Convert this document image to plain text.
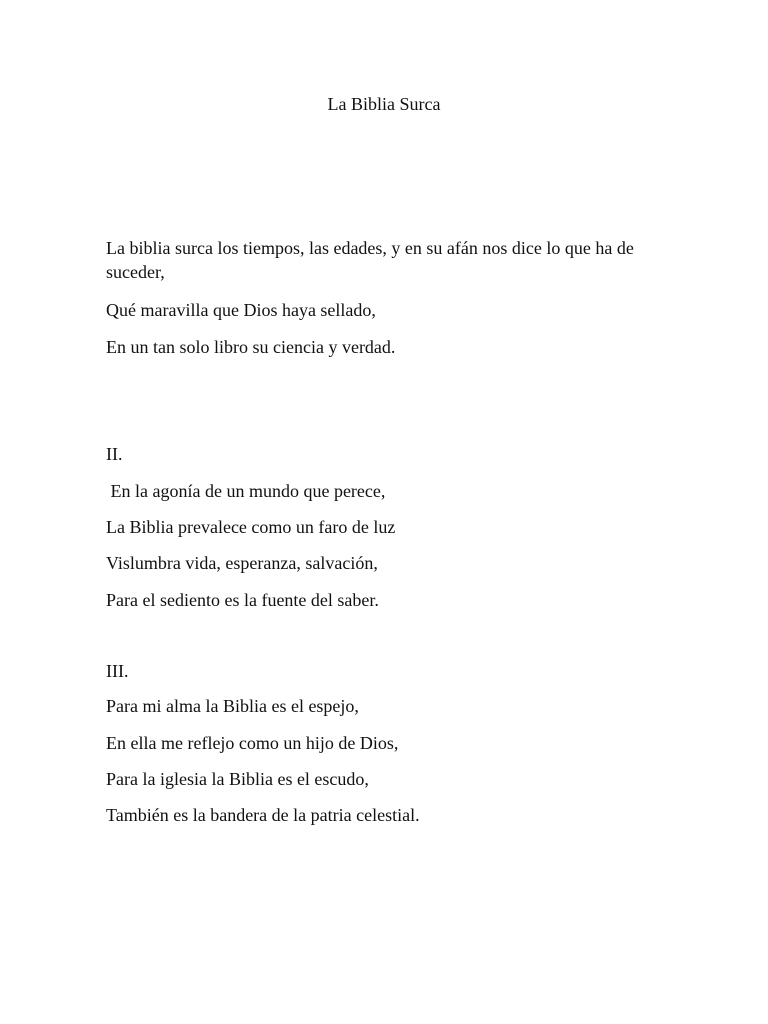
La Biblia Surca

La biblia surca los tiempos, las edades, y en su afán nos dice lo que ha de suceder,

Qué maravilla que Dios haya sellado,

En un tan solo libro su ciencia y verdad.

II.

En la agonía de un mundo que perece,

La Biblia prevalece como un faro de luz

Vislumbra vida, esperanza, salvación,

Para el sediento es la fuente del saber.

III.

Para mi alma la Biblia es el espejo,

En ella me reflejo como un hijo de Dios,

Para la iglesia la Biblia es el escudo,

También es la bandera de la patria celestial.
